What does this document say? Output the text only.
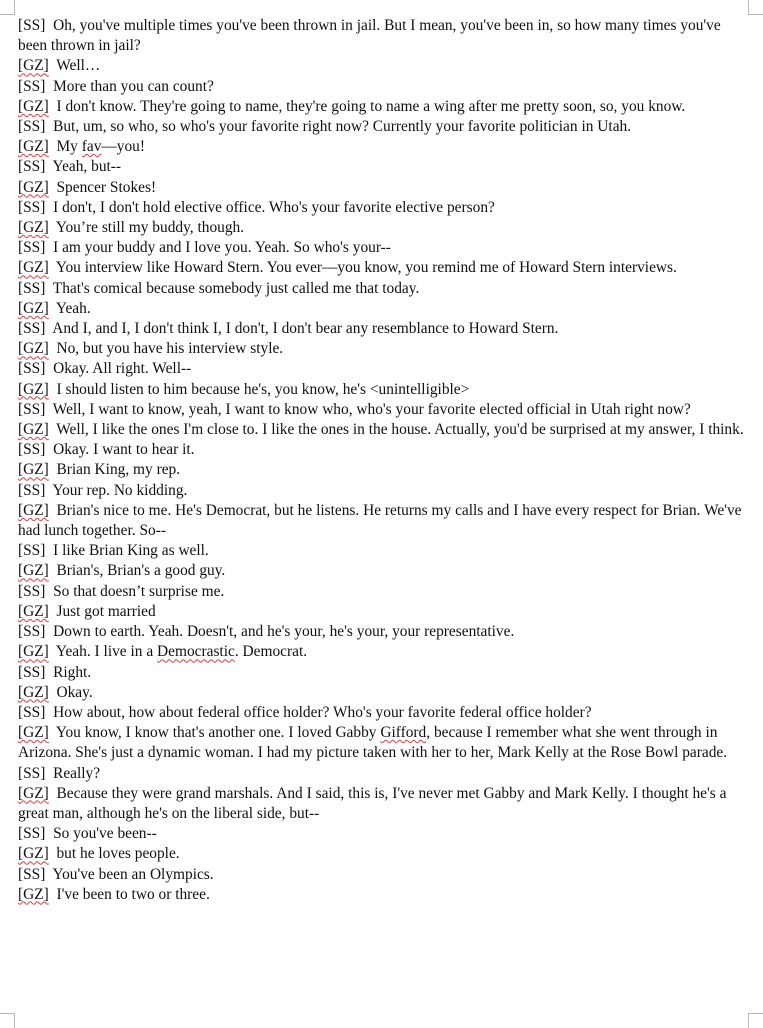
[SS] Oh, you've multiple times you've been thrown in jail. But I mean, you've been in, so how many times you've been thrown in jail?

[GZ] Well…

[SS] More than you can count?

[GZ] I don't know. They're going to name, they're going to name a wing after me pretty soon, so, you know.

[SS] But, um, so who, so who's your favorite right now? Currently your favorite politician in Utah.

[GZ] My fav—you!

[SS] Yeah, but--

[GZ] Spencer Stokes!

[SS] I don't, I don't hold elective office. Who's your favorite elective person?

[GZ] You’re still my buddy, though.

[SS] I am your buddy and I love you. Yeah. So who's your--

[GZ] You interview like Howard Stern. You ever—you know, you remind me of Howard Stern interviews.

[SS] That's comical because somebody just called me that today.

[GZ] Yeah.

[SS] And I, and I, I don't think I, I don't, I don't bear any resemblance to Howard Stern.

[GZ] No, but you have his interview style.

[SS] Okay. All right. Well--

[GZ] I should listen to him because he's, you know, he's <unintelligible>

[SS] Well, I want to know, yeah, I want to know who, who's your favorite elected official in Utah right now?

[GZ] Well, I like the ones I'm close to. I like the ones in the house. Actually, you'd be surprised at my answer, I think.

[SS] Okay. I want to hear it.

[GZ] Brian King, my rep.

[SS] Your rep. No kidding.

[GZ] Brian's nice to me. He's Democrat, but he listens. He returns my calls and I have every respect for Brian. We've had lunch together. So--

[SS] I like Brian King as well.

[GZ] Brian's, Brian's a good guy.

[SS] So that doesn’t surprise me.

[GZ] Just got married

[SS] Down to earth. Yeah. Doesn't, and he's your, he's your, your representative.

[GZ] Yeah. I live in a Democrastic. Democrat.

[SS] Right.

[GZ] Okay.

[SS] How about, how about federal office holder? Who's your favorite federal office holder?

[GZ] You know, I know that's another one. I loved Gabby Gifford, because I remember what she went through in Arizona. She's just a dynamic woman. I had my picture taken with her to her, Mark Kelly at the Rose Bowl parade.

[SS] Really?

[GZ] Because they were grand marshals. And I said, this is, I've never met Gabby and Mark Kelly. I thought he's a great man, although he's on the liberal side, but--

[SS] So you've been--

[GZ] but he loves people.

[SS] You've been an Olympics.

[GZ] I've been to two or three.
